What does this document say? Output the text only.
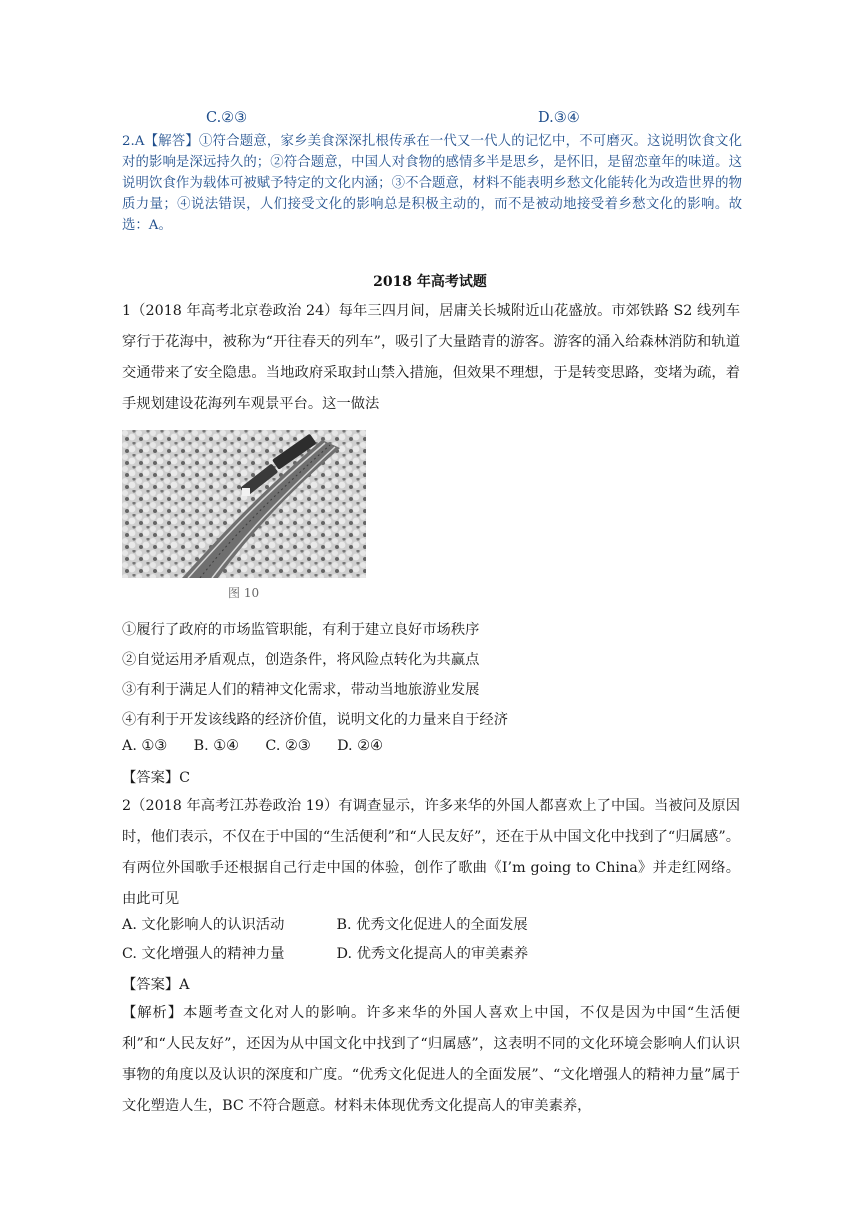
C.②③	D.③④
2.A【解答】①符合题意，家乡美食深深扎根传承在一代又一代人的记忆中，不可磨灭。这说明饮食文化对的影响是深远持久的；②符合题意，中国人对食物的感情多半是思乡，是怀旧，是留恋童年的味道。这说明饮食作为载体可被赋予特定的文化内涵；③不合题意，材料不能表明乡愁文化能转化为改造世界的物质力量；④说法错误，人们接受文化的影响总是积极主动的，而不是被动地接受着乡愁文化的影响。故选：A。
2018 年高考试题
1（2018 年高考北京卷政治 24）每年三四月间，居庸关长城附近山花盛放。市郊铁路 S2 线列车穿行于花海中，被称为“开往春天的列车”，吸引了大量踏青的游客。游客的涌入给森林消防和轨道交通带来了安全隐患。当地政府采取封山禁入措施，但效果不理想，于是转变思路，变堵为疏，着手规划建设花海列车观景平台。这一做法
图 10
①履行了政府的市场监管职能，有利于建立良好市场秩序
②自觉运用矛盾观点，创造条件，将风险点转化为共赢点
③有利于满足人们的精神文化需求，带动当地旅游业发展
④有利于开发该线路的经济价值，说明文化的力量来自于经济
A. ①③ B. ①④ C. ②③ D. ②④
【答案】C
2（2018 年高考江苏卷政治 19）有调查显示，许多来华的外国人都喜欢上了中国。当被问及原因时，他们表示，不仅在于中国的“生活便利”和“人民友好”，还在于从中国文化中找到了“归属感”。有两位外国歌手还根据自己行走中国的体验，创作了歌曲《I’m going to China》并走红网络。由此可见
A. 文化影响人的认识活动	B. 优秀文化促进人的全面发展
C. 文化增强人的精神力量	D. 优秀文化提高人的审美素养
【答案】A
【解析】本题考查文化对人的影响。许多来华的外国人喜欢上中国，不仅是因为中国“生活便利”和“人民友好”，还因为从中国文化中找到了“归属感”，这表明不同的文化环境会影响人们认识事物的角度以及认识的深度和广度。“优秀文化促进人的全面发展”、“文化增强人的精神力量”属于文化塑造人生，BC 不符合题意。材料未体现优秀文化提高人的审美素养，
